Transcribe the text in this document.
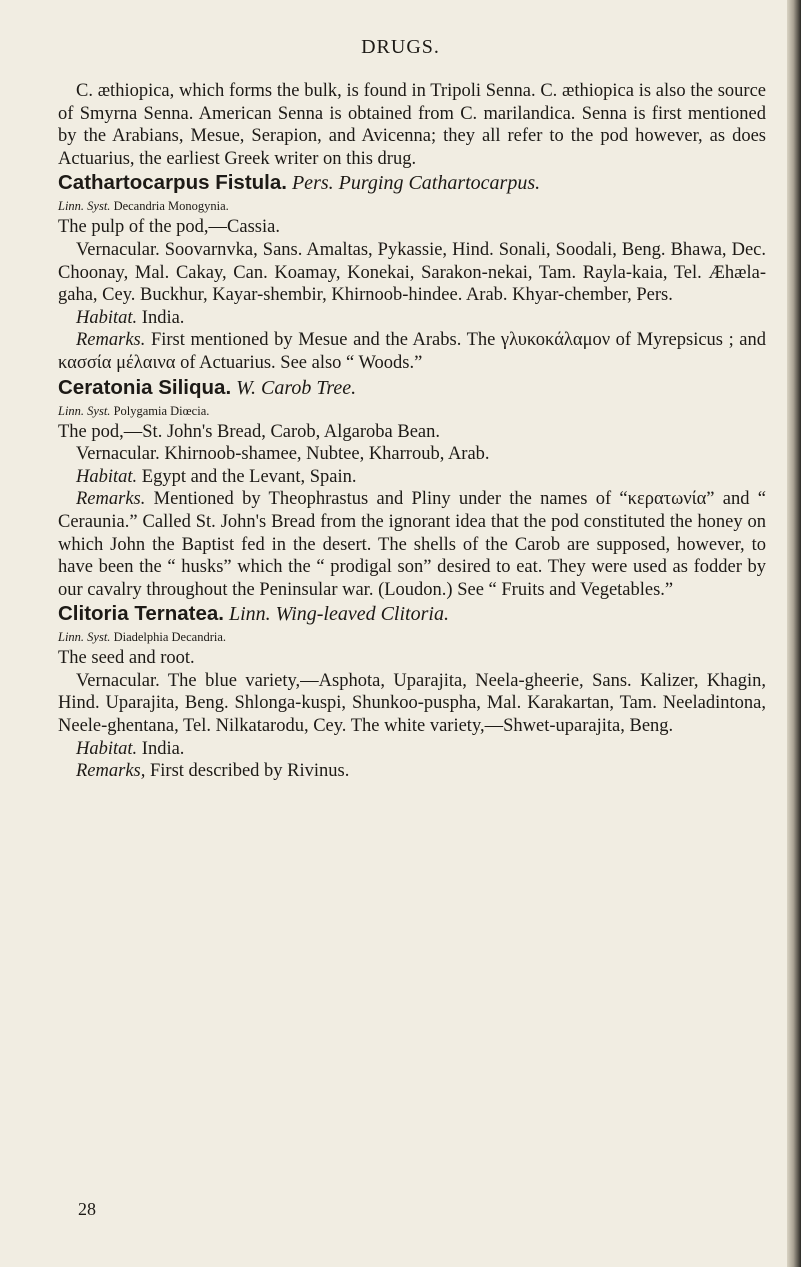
DRUGS.

C. æthiopica, which forms the bulk, is found in Tripoli Senna. C. æthiopica is also the source of Smyrna Senna. American Senna is obtained from C. marilandica. Senna is first mentioned by the Arabians, Mesue, Serapion, and Avicenna; they all refer to the pod however, as does Actuarius, the earliest Greek writer on this drug.

Cathartocarpus Fistula. Pers. Purging Cathartocarpus.

Linn. Syst. Decandria Monogynia.

The pulp of the pod,—Cassia.

Vernacular. Soovarnvka, Sans. Amaltas, Pykassie, Hind. Sonali, Soodali, Beng. Bhawa, Dec. Choonay, Mal. Cakay, Can. Koamay, Konekai, Sarakon-nekai, Tam. Rayla-kaia, Tel. Æhæla-gaha, Cey. Buckhur, Kayar-shembir, Khirnoob-hindee. Arab. Khyar-chember, Pers.

Habitat. India.

Remarks. First mentioned by Mesue and the Arabs. The γλυκοκάλαμον of Myrepsicus ; and κασσία μέλαινα of Actuarius. See also “ Woods.”

Ceratonia Siliqua. W. Carob Tree.

Linn. Syst. Polygamia Diœcia.

The pod,—St. John's Bread, Carob, Algaroba Bean.

Vernacular. Khirnoob-shamee, Nubtee, Kharroub, Arab.

Habitat. Egypt and the Levant, Spain.

Remarks. Mentioned by Theophrastus and Pliny under the names of “κερατωνία” and “ Ceraunia.” Called St. John's Bread from the ignorant idea that the pod constituted the honey on which John the Baptist fed in the desert. The shells of the Carob are supposed, however, to have been the “ husks” which the “ prodigal son” desired to eat. They were used as fodder by our cavalry throughout the Peninsular war. (Loudon.) See “ Fruits and Vegetables.”

Clitoria Ternatea. Linn. Wing-leaved Clitoria.

Linn. Syst. Diadelphia Decandria.

The seed and root.

Vernacular. The blue variety,—Asphota, Uparajita, Neela-gheerie, Sans. Kalizer, Khagin, Hind. Uparajita, Beng. Shlonga-kuspi, Shunkoo-puspha, Mal. Karakartan, Tam. Neeladintona, Neele-ghentana, Tel. Nilkatarodu, Cey. The white variety,—Shwet-uparajita, Beng.

Habitat. India.

Remarks, First described by Rivinus.

28
